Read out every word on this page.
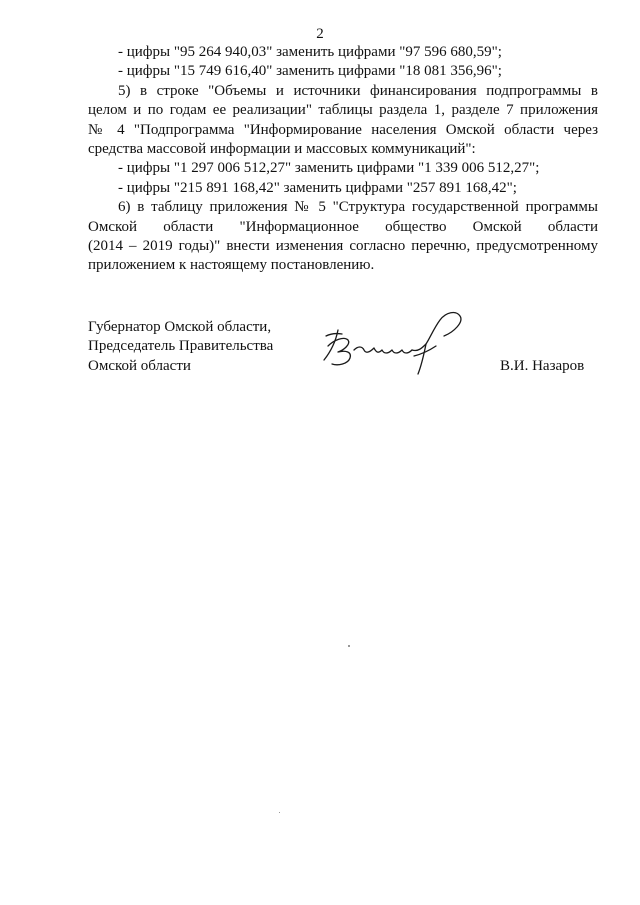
2
- цифры "95 264 940,03" заменить цифрами "97 596 680,59";
- цифры "15 749 616,40" заменить цифрами "18 081 356,96";
5) в строке "Объемы и источники финансирования подпрограммы в
целом и по годам ее реализации" таблицы раздела 1, разделе 7 приложения
№ 4 "Подпрограмма "Информирование населения Омской области через
средства массовой информации и массовых коммуникаций":
- цифры "1 297 006 512,27" заменить цифрами "1 339 006 512,27";
- цифры "215 891 168,42" заменить цифрами "257 891 168,42";
6) в таблицу приложения № 5 "Структура государственной программы
Омской области "Информационное общество Омской области
(2014 – 2019 годы)" внести изменения согласно перечню, предусмотренному
приложением к настоящему постановлению.
Губернатор Омской области,
Председатель Правительства
Омской области	В.И. Назаров
